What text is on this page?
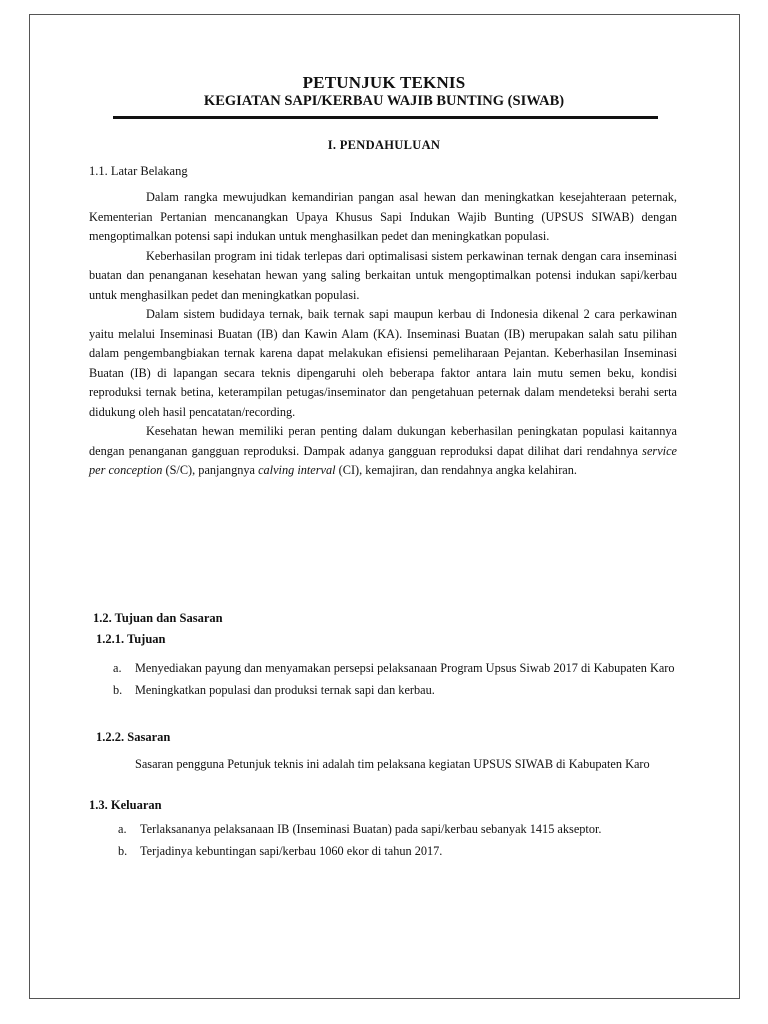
PETUNJUK TEKNIS
KEGIATAN SAPI/KERBAU WAJIB BUNTING (SIWAB)
I. PENDAHULUAN
1.1. Latar Belakang

Dalam rangka mewujudkan kemandirian pangan asal hewan dan meningkatkan kesejahteraan peternak, Kementerian Pertanian mencanangkan Upaya Khusus Sapi Indukan Wajib Bunting (UPSUS SIWAB) dengan mengoptimalkan potensi sapi indukan untuk menghasilkan pedet dan meningkatkan populasi.

Keberhasilan program ini tidak terlepas dari optimalisasi sistem perkawinan ternak dengan cara inseminasi buatan dan penanganan kesehatan hewan yang saling berkaitan untuk mengoptimalkan potensi indukan sapi/kerbau untuk menghasilkan pedet dan meningkatkan populasi.

Dalam sistem budidaya ternak, baik ternak sapi maupun kerbau di Indonesia dikenal 2 cara perkawinan yaitu melalui Inseminasi Buatan (IB) dan Kawin Alam (KA). Inseminasi Buatan (IB) merupakan salah satu pilihan dalam pengembangbiakan ternak karena dapat melakukan efisiensi pemeliharaan Pejantan. Keberhasilan Inseminasi Buatan (IB) di lapangan secara teknis dipengaruhi oleh beberapa faktor antara lain mutu semen beku, kondisi reproduksi ternak betina, keterampilan petugas/inseminator dan pengetahuan peternak dalam mendeteksi berahi serta didukung oleh hasil pencatatan/recording.

Kesehatan hewan memiliki peran penting dalam dukungan keberhasilan peningkatan populasi kaitannya dengan penanganan gangguan reproduksi. Dampak adanya gangguan reproduksi dapat dilihat dari rendahnya service per conception (S/C), panjangnya calving interval (CI), kemajiran, dan rendahnya angka kelahiran.

1.2. Tujuan dan Sasaran
1.2.1. Tujuan
a. Menyediakan payung dan menyamakan persepsi pelaksanaan Program Upsus Siwab 2017 di Kabupaten Karo
b. Meningkatkan populasi dan produksi ternak sapi dan kerbau.
1.2.2. Sasaran
Sasaran pengguna Petunjuk teknis ini adalah tim pelaksana kegiatan UPSUS SIWAB di Kabupaten Karo
1.3. Keluaran
a. Terlaksananya pelaksanaan IB (Inseminasi Buatan) pada sapi/kerbau sebanyak 1415 akseptor.
b. Terjadinya kebuntingan sapi/kerbau 1060 ekor di tahun 2017.
